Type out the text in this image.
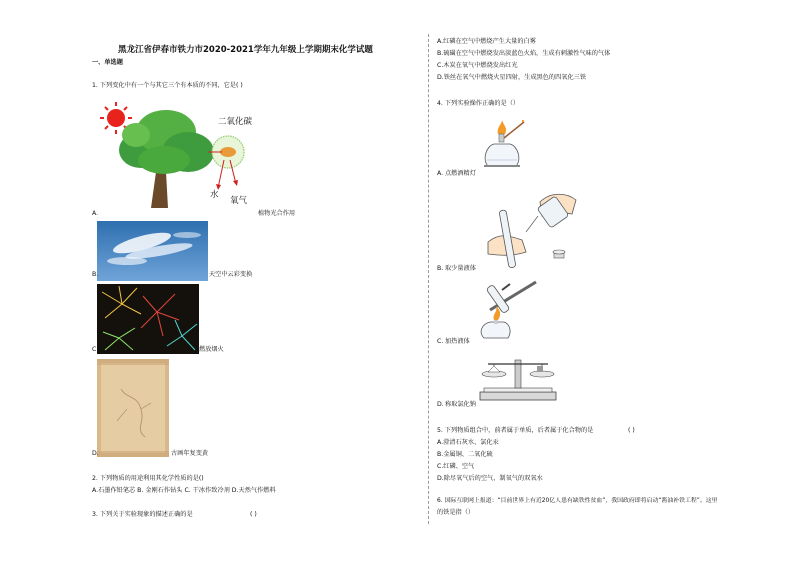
黑龙江省伊春市铁力市2020-2021学年九年级上学期期末化学试题
一、单选题
1. 下列变化中有一个与其它三个有本质的不同，它是( )
二氧化碳
水
氧气
A.	植物光合作用
B.	天空中云彩变换
C.	燃放烟火
D.	古画年复变黄
2. 下列物质的用途利用其化学性质的是()
A.石墨作铅笔芯 B. 金刚石作钻头 C. 干冰作致冷剂 D.天然气作燃料
3. 下列关于实验现象的描述正确的是	( )
A.红磷在空气中燃烧产生大量的白雾
B.硫磺在空气中燃烧发出淡蓝色火焰，生成有刺激性气味的气体
C.木炭在氧气中燃烧发出红光
D.铁丝在氧气中燃烧火星四射，生成黑色的四氧化三铁
4. 下列实验操作正确的是（）
A. 点燃酒精灯
B. 取少量液体
C. 加热液体
D. 称取氯化钠
5. 下列物质组合中，前者属于单质，后者属于化合物的是	( )
A.澄清石灰水、氯化汞
B.金属铜、二氧化硫
C.红磷、空气
D.除尽氧气后的空气、制氧气的双氧水
6. 国际互联网上报道：“目前世界上有近20亿人患有缺铁性贫血”，我国政府即将启动“酱油补铁工程”。这里
的铁是指（）
